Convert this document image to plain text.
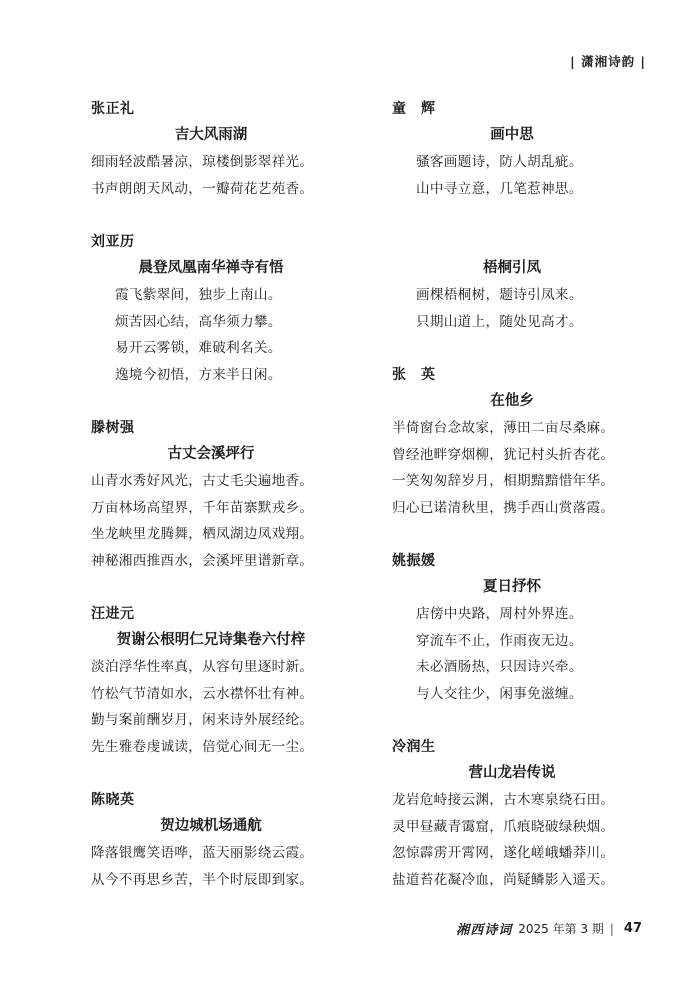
| 潇湘诗韵 |
张正礼
吉大风雨湖
细雨轻波酷暑凉，琼楼倒影翠祥光。
书声朗朗天风动，一瓣荷花艺苑香。
刘亚历
晨登凤凰南华禅寺有悟
霞飞紫翠间，独步上南山。
烦苦因心结，高华须力攀。
易开云雾锁，难破利名关。
逸境今初悟，方来半日闲。
滕树强
古丈会溪坪行
山青水秀好风光，古丈毛尖遍地香。
万亩林场高望界，千年苗寨默戎乡。
坐龙峡里龙腾舞，栖凤湖边凤戏翔。
神秘湘西推酉水，会溪坪里谱新章。
汪进元
贺谢公根明仁兄诗集卷六付梓
淡泊浮华性率真，从容句里逐时新。
竹松气节清如水，云水襟怀壮有神。
勤与案前酬岁月，闲来诗外展经纶。
先生雅卷虔诚读，倍觉心间无一尘。
陈晓英
贺边城机场通航
降落银鹰笑语哗，蓝天丽影绕云霞。
从今不再思乡苦，半个时辰即到家。
童　辉
画中思
骚客画题诗，防人胡乱疵。
山中寻立意，几笔惹神思。
梧桐引凤
画棵梧桐树，题诗引凤来。
只期山道上，随处见高才。
张　英
在他乡
半倚窗台念故家，薄田二亩尽桑麻。
曾经池畔穿烟柳，犹记村头折杏花。
一笑匆匆辞岁月，相期黯黯惜年华。
归心已诺清秋里，携手西山赏落霞。
姚振媛
夏日抒怀
店傍中央路，周村外界连。
穿流车不止，作雨夜无边。
未必酒肠热，只因诗兴牵。
与人交往少，闲事免滋缠。
冷润生
营山龙岩传说
龙岩危峙接云渊，古木寒泉绕石田。
灵甲昼藏青霭窟，爪痕晓破绿秧烟。
忽惊霹雳开霄网，遂化嵯峨蟠莽川。
盐道苔花凝冷血，尚疑鳞影入遥天。
湘西诗词 2025 年第 3 期 | 47
